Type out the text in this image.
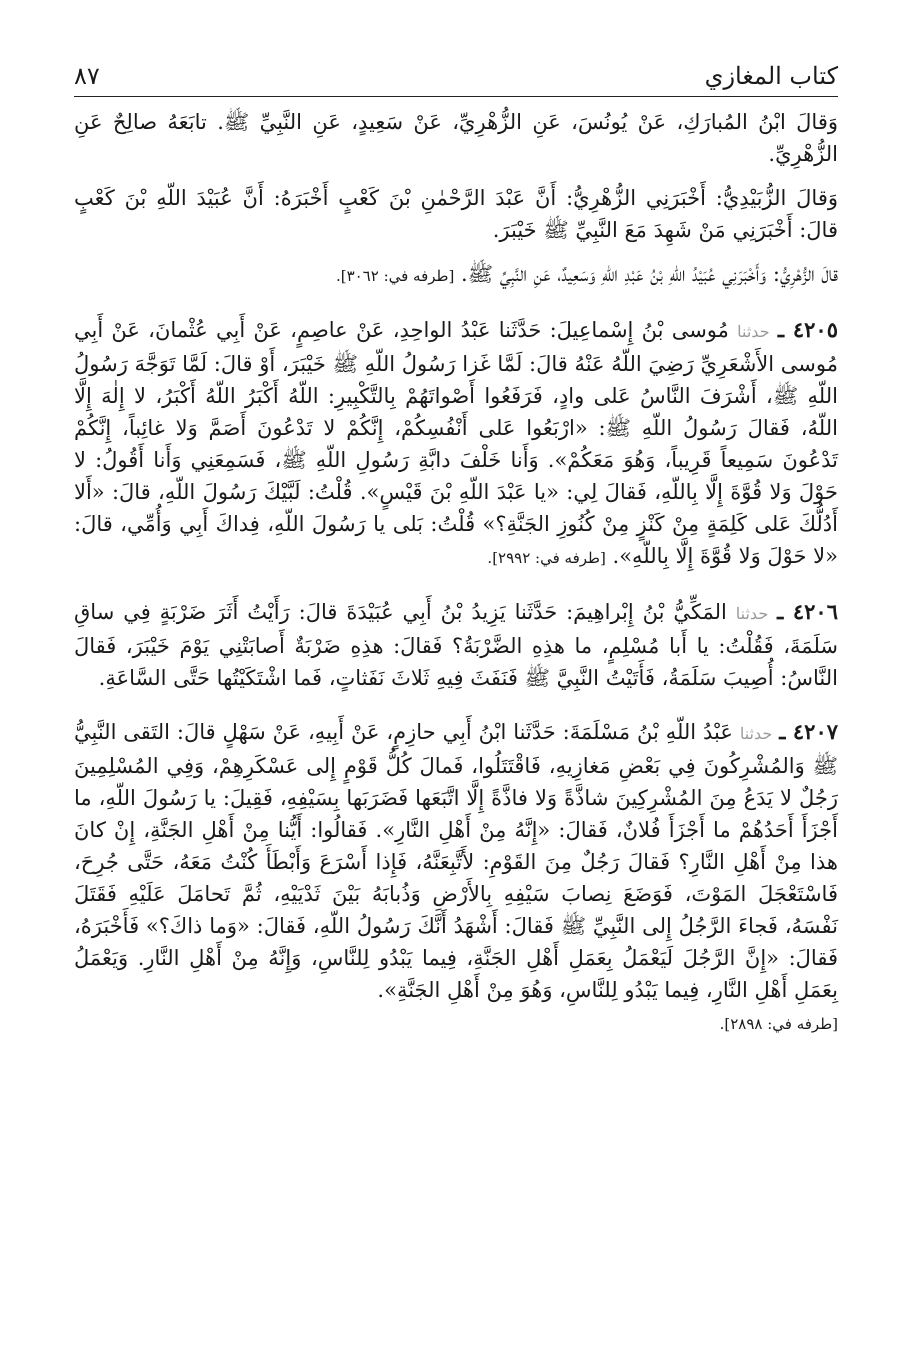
كتاب المغازي
٨٧

وَقالَ ابْنُ المُبارَكِ، عَنْ يُونُسَ، عَنِ الزُّهْرِيِّ، عَنْ سَعِيدٍ، عَنِ النَّبِيِّ ﷺ. تابَعَهُ صالِحٌ عَنِ الزُّهْرِيِّ.

وَقالَ الزُّبَيْدِيُّ: أَخْبَرَنِي الزُّهْرِيُّ: أَنَّ عَبْدَ الرَّحْمٰنِ بْنَ كَعْبٍ أَخْبَرَهُ: أَنَّ عُبَيْدَ اللّهِ بْنَ كَعْبٍ قالَ: أَخْبَرَنِي مَنْ شَهِدَ مَعَ النَّبِيِّ ﷺ خَيْبَرَ.

قالَ الزُّهْرِيُّ: وَأَخْبَرَنِي عُبَيْدُ اللّهِ بْنُ عَبْدِ اللّهِ وَسَعِيدٌ، عَنِ النَّبِيِّ ﷺ. [طرفه في: ٣٠٦٢].

٤٢٠٥ ـ حدثنا مُوسى بْنُ إِسْماعِيلَ: حَدَّثَنا عَبْدُ الواحِدِ، عَنْ عاصِمٍ، عَنْ أَبِي عُثْمانَ، عَنْ أَبِي مُوسى الأَشْعَرِيِّ رَضِيَ اللّهُ عَنْهُ قالَ: لَمَّا غَزا رَسُولُ اللّهِ ﷺ خَيْبَرَ، أَوْ قالَ: لَمَّا تَوَجَّهَ رَسُولُ اللّهِ ﷺ، أَشْرَفَ النَّاسُ عَلى وادٍ، فَرَفَعُوا أَصْواتَهُمْ بِالتَّكْبِيرِ: اللّهُ أَكْبَرُ اللّهُ أَكْبَرُ، لا إِلٰهَ إِلَّا اللّهُ، فَقالَ رَسُولُ اللّهِ ﷺ: «ارْبَعُوا عَلى أَنْفُسِكُمْ، إِنَّكُمْ لا تَدْعُونَ أَصَمَّ وَلا غائِباً، إِنَّكُمْ تَدْعُونَ سَمِيعاً قَرِيباً، وَهُوَ مَعَكُمْ». وَأَنا خَلْفَ دابَّةِ رَسُولِ اللّهِ ﷺ، فَسَمِعَنِي وَأَنا أَقُولُ: لا حَوْلَ وَلا قُوَّةَ إِلَّا بِاللّهِ، فَقالَ لِي: «يا عَبْدَ اللّهِ بْنَ قَيْسٍ». قُلْتُ: لَبَّيْكَ رَسُولَ اللّهِ، قالَ: «أَلا أَدُلُّكَ عَلى كَلِمَةٍ مِنْ كَنْزٍ مِنْ كُنُوزِ الجَنَّةِ؟» قُلْتُ: بَلى يا رَسُولَ اللّهِ، فِداكَ أَبِي وَأُمِّي، قالَ: «لا حَوْلَ وَلا قُوَّةَ إِلَّا بِاللّهِ». [طرفه في: ٢٩٩٢].

٤٢٠٦ ـ حدثنا المَكِّيُّ بْنُ إِبْراهِيمَ: حَدَّثَنا يَزِيدُ بْنُ أَبِي عُبَيْدَةَ قالَ: رَأَيْتُ أَثَرَ ضَرْبَةٍ فِي ساقِ سَلَمَةَ، فَقُلْتُ: يا أَبا مُسْلِمٍ، ما هذِهِ الضَّرْبَةُ؟ فَقالَ: هذِهِ ضَرْبَةٌ أَصابَتْنِي يَوْمَ خَيْبَرَ، فَقالَ النَّاسُ: أُصِيبَ سَلَمَةُ، فَأَتَيْتُ النَّبِيَّ ﷺ فَنَفَثَ فِيهِ ثَلاثَ نَفَثاتٍ، فَما اشْتَكَيْتُها حَتَّى السَّاعَةِ.

٤٢٠٧ ـ حدثنا عَبْدُ اللّهِ بْنُ مَسْلَمَةَ: حَدَّثَنا ابْنُ أَبِي حازِمٍ، عَنْ أَبِيهِ، عَنْ سَهْلٍ قالَ: التَقى النَّبِيُّ ﷺ وَالمُشْرِكُونَ فِي بَعْضِ مَغازِيهِ، فَاقْتَتَلُوا، فَمالَ كُلُّ قَوْمٍ إِلى عَسْكَرِهِمْ، وَفِي المُسْلِمِينَ رَجُلٌ لا يَدَعُ مِنَ المُشْرِكِينَ شاذَّةً وَلا فاذَّةً إِلَّا اتَّبَعَها فَضَرَبَها بِسَيْفِهِ، فَقِيلَ: يا رَسُولَ اللّهِ، ما أَجْزَأَ أَحَدُهُمْ ما أَجْزَأَ فُلانٌ، فَقالَ: «إِنَّهُ مِنْ أَهْلِ النَّارِ». فَقالُوا: أَيُّنا مِنْ أَهْلِ الجَنَّةِ، إِنْ كانَ هذا مِنْ أَهْلِ النَّارِ؟ فَقالَ رَجُلٌ مِنَ القَوْمِ: لأَتَّبِعَنَّهُ، فَإِذا أَسْرَعَ وَأَبْطَأَ كُنْتُ مَعَهُ، حَتَّى جُرِحَ، فَاسْتَعْجَلَ المَوْتَ، فَوَضَعَ نِصابَ سَيْفِهِ بِالأَرْضِ وَذُبابَهُ بَيْنَ ثَدْيَيْهِ، ثُمَّ تَحامَلَ عَلَيْهِ فَقَتَلَ نَفْسَهُ، فَجاءَ الرَّجُلُ إِلى النَّبِيِّ ﷺ فَقالَ: أَشْهَدُ أَنَّكَ رَسُولُ اللّهِ، فَقالَ: «وَما ذاكَ؟» فَأَخْبَرَهُ، فَقالَ: «إِنَّ الرَّجُلَ لَيَعْمَلُ بِعَمَلِ أَهْلِ الجَنَّةِ، فِيما يَبْدُو لِلنَّاسِ، وَإِنَّهُ مِنْ أَهْلِ النَّارِ. وَيَعْمَلُ بِعَمَلِ أَهْلِ النَّارِ، فِيما يَبْدُو لِلنَّاسِ، وَهُوَ مِنْ أَهْلِ الجَنَّةِ».

[طرفه في: ٢٨٩٨].
